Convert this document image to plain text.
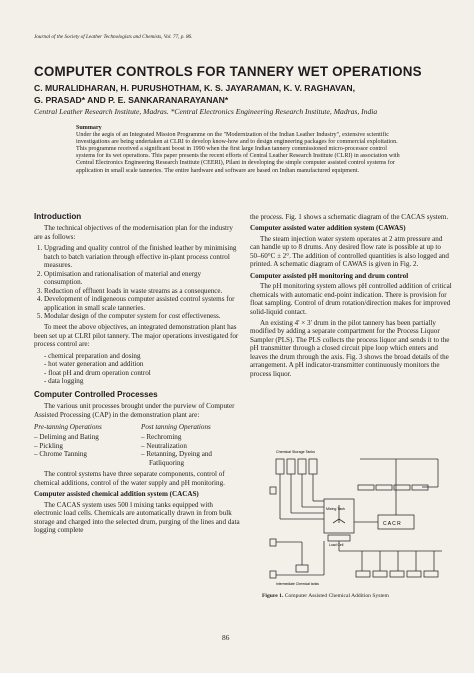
Journal of the Society of Leather Technologists and Chemists, Vol. 77, p. 86.
COMPUTER CONTROLS FOR TANNERY WET OPERATIONS
C. MURALIDHARAN, H. PURUSHOTHAM, K. S. JAYARAMAN, K. V. RAGHAVAN,
G. PRASAD* AND P. E. SANKARANARAYANAN*
Central Leather Research Institute, Madras. *Central Electronics Engineering Research Institute, Madras, India
Summary
Under the aegis of an Integrated Mission Programme on the "Modernization of the Indian Leather Industry", extensive scientific investigations are being undertaken at CLRI to develop know-how and to design engineering packages for commercial exploitation. This programme received a significant boost in 1990 when the first large Indian tannery commissioned micro-processor control systems for its wet operations. This paper presents the recent efforts of Central Leather Research Institute (CLRI) in association with Central Electronics Engineering Research Institute (CEERI), Pilani in developing the simple computer assisted control systems for application in small scale tanneries. The entire hardware and software are based on Indian manufactured equipment.
Introduction

The technical objectives of the modernisation plan for the industry are as follows:

1. Upgrading and quality control of the finished leather by minimising batch to batch variation through effective in-plant process control measures.
2. Optimisation and rationalisation of material and energy consumption.
3. Reduction of effluent loads in waste streams as a consequence.
4. Development of indigeneous computer assisted control systems for application in small scale tanneries.
5. Modular design of the computer system for cost effectiveness.

To meet the above objectives, an integrated demonstration plant has been set up at CLRI pilot tannery. The major operations investigated for process control are:

- chemical preparation and dosing
- hot water generation and addition
- float pH and drum operation control
- data logging
Computer Controlled Processes

The various unit processes brought under the purview of Computer Assisted Processing (CAP) in the demonstration plant are:

Pre-tanning Operations
– Deliming and Bating
– Pickling
– Chrome Tanning
Post tanning Operations
– Rechroming
– Neutralization
– Retanning, Dyeing and
Fatliquoring

The control systems have three separate components, control of chemical additions, control of the water supply and pH monitoring.

Computer assisted chemical addition system (CACAS)

The CACAS system uses 500 l mixing tanks equipped with electronic load cells. Chemicals are automatically drawn in from bulk storage and charged into the selected drum, purging of the lines and data logging complete

the process. Fig. 1 shows a schematic diagram of the CACAS system.

Computer assisted water addition system (CAWAS)

The steam injection water system operates at 2 atm pressure and can handle up to 8 drums. Any desired flow rate is possible at up to 50–60°C ± 2°. The addition of controlled quantities is also logged and printed. A schematic diagram of CAWAS is given in Fig. 2.

Computer assisted pH monitoring and drum control

The pH monitoring system allows pH controlled addition of critical chemicals with automatic end-point indication. There is provision for float sampling. Control of drum rotation/direction makes for improved solid-liquid contact.

An existing 4' × 3' drum in the pilot tannery has been partially modified by adding a separate compartment for the Process Liquor Sampler (PLS). The PLS collects the process liquor and sends it to the pH transmitter through a closed circuit pipe loop which enters and leaves the drum through the axis. Fig. 3 shows the broad details of the arrangement. A pH indicator-transmitter continuously monitors the process liquor.

Chemical Storage Tanks
Mixing Tank
Load Cell
C A C R
Intermediate Chemical tanks
Figure 1. Computer Assisted Chemical Addition System
86
